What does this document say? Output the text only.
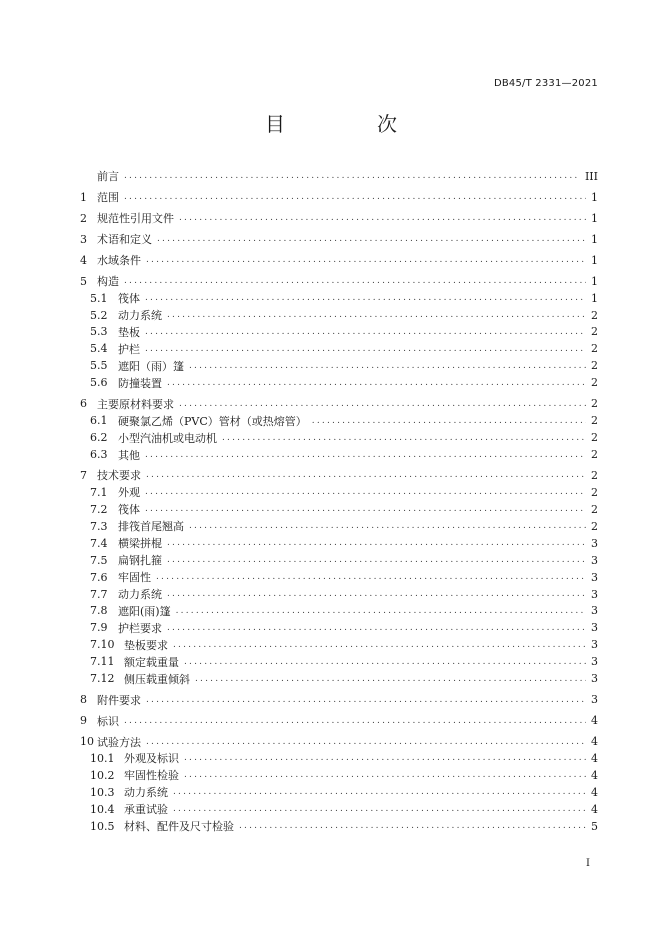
DB45/T 2331—2021
目　次
前言 .....	III
1 范围 .....	1
2 规范性引用文件 .....	1
3 术语和定义 .....	1
4 水域条件 .....	1
5 构造 .....	1
5.1 筏体 .....	1
5.2 动力系统 .....	2
5.3 垫板 .....	2
5.4 护栏 .....	2
5.5 遮阳（雨）篷 .....	2
5.6 防撞装置 .....	2
6 主要原材料要求 .....	2
6.1 硬聚氯乙烯（PVC）管材（或热熔管） .....	2
6.2 小型汽油机或电动机 .....	2
6.3 其他 .....	2
7 技术要求 .....	2
7.1 外观 .....	2
7.2 筏体 .....	2
7.3 排筏首尾翘高 .....	2
7.4 横梁拼棍 .....	3
7.5 扁钢扎箍 .....	3
7.6 牢固性 .....	3
7.7 动力系统 .....	3
7.8 遮阳(雨)篷 .....	3
7.9 护栏要求 .....	3
7.10 垫板要求 .....	3
7.11 额定载重量 .....	3
7.12 侧压载重倾斜 .....	3
8 附件要求 .....	3
9 标识 .....	4
10 试验方法 .....	4
10.1 外观及标识 .....	4
10.2 牢固性检验 .....	4
10.3 动力系统 .....	4
10.4 承重试验 .....	4
10.5 材料、配件及尺寸检验 .....	5
I
